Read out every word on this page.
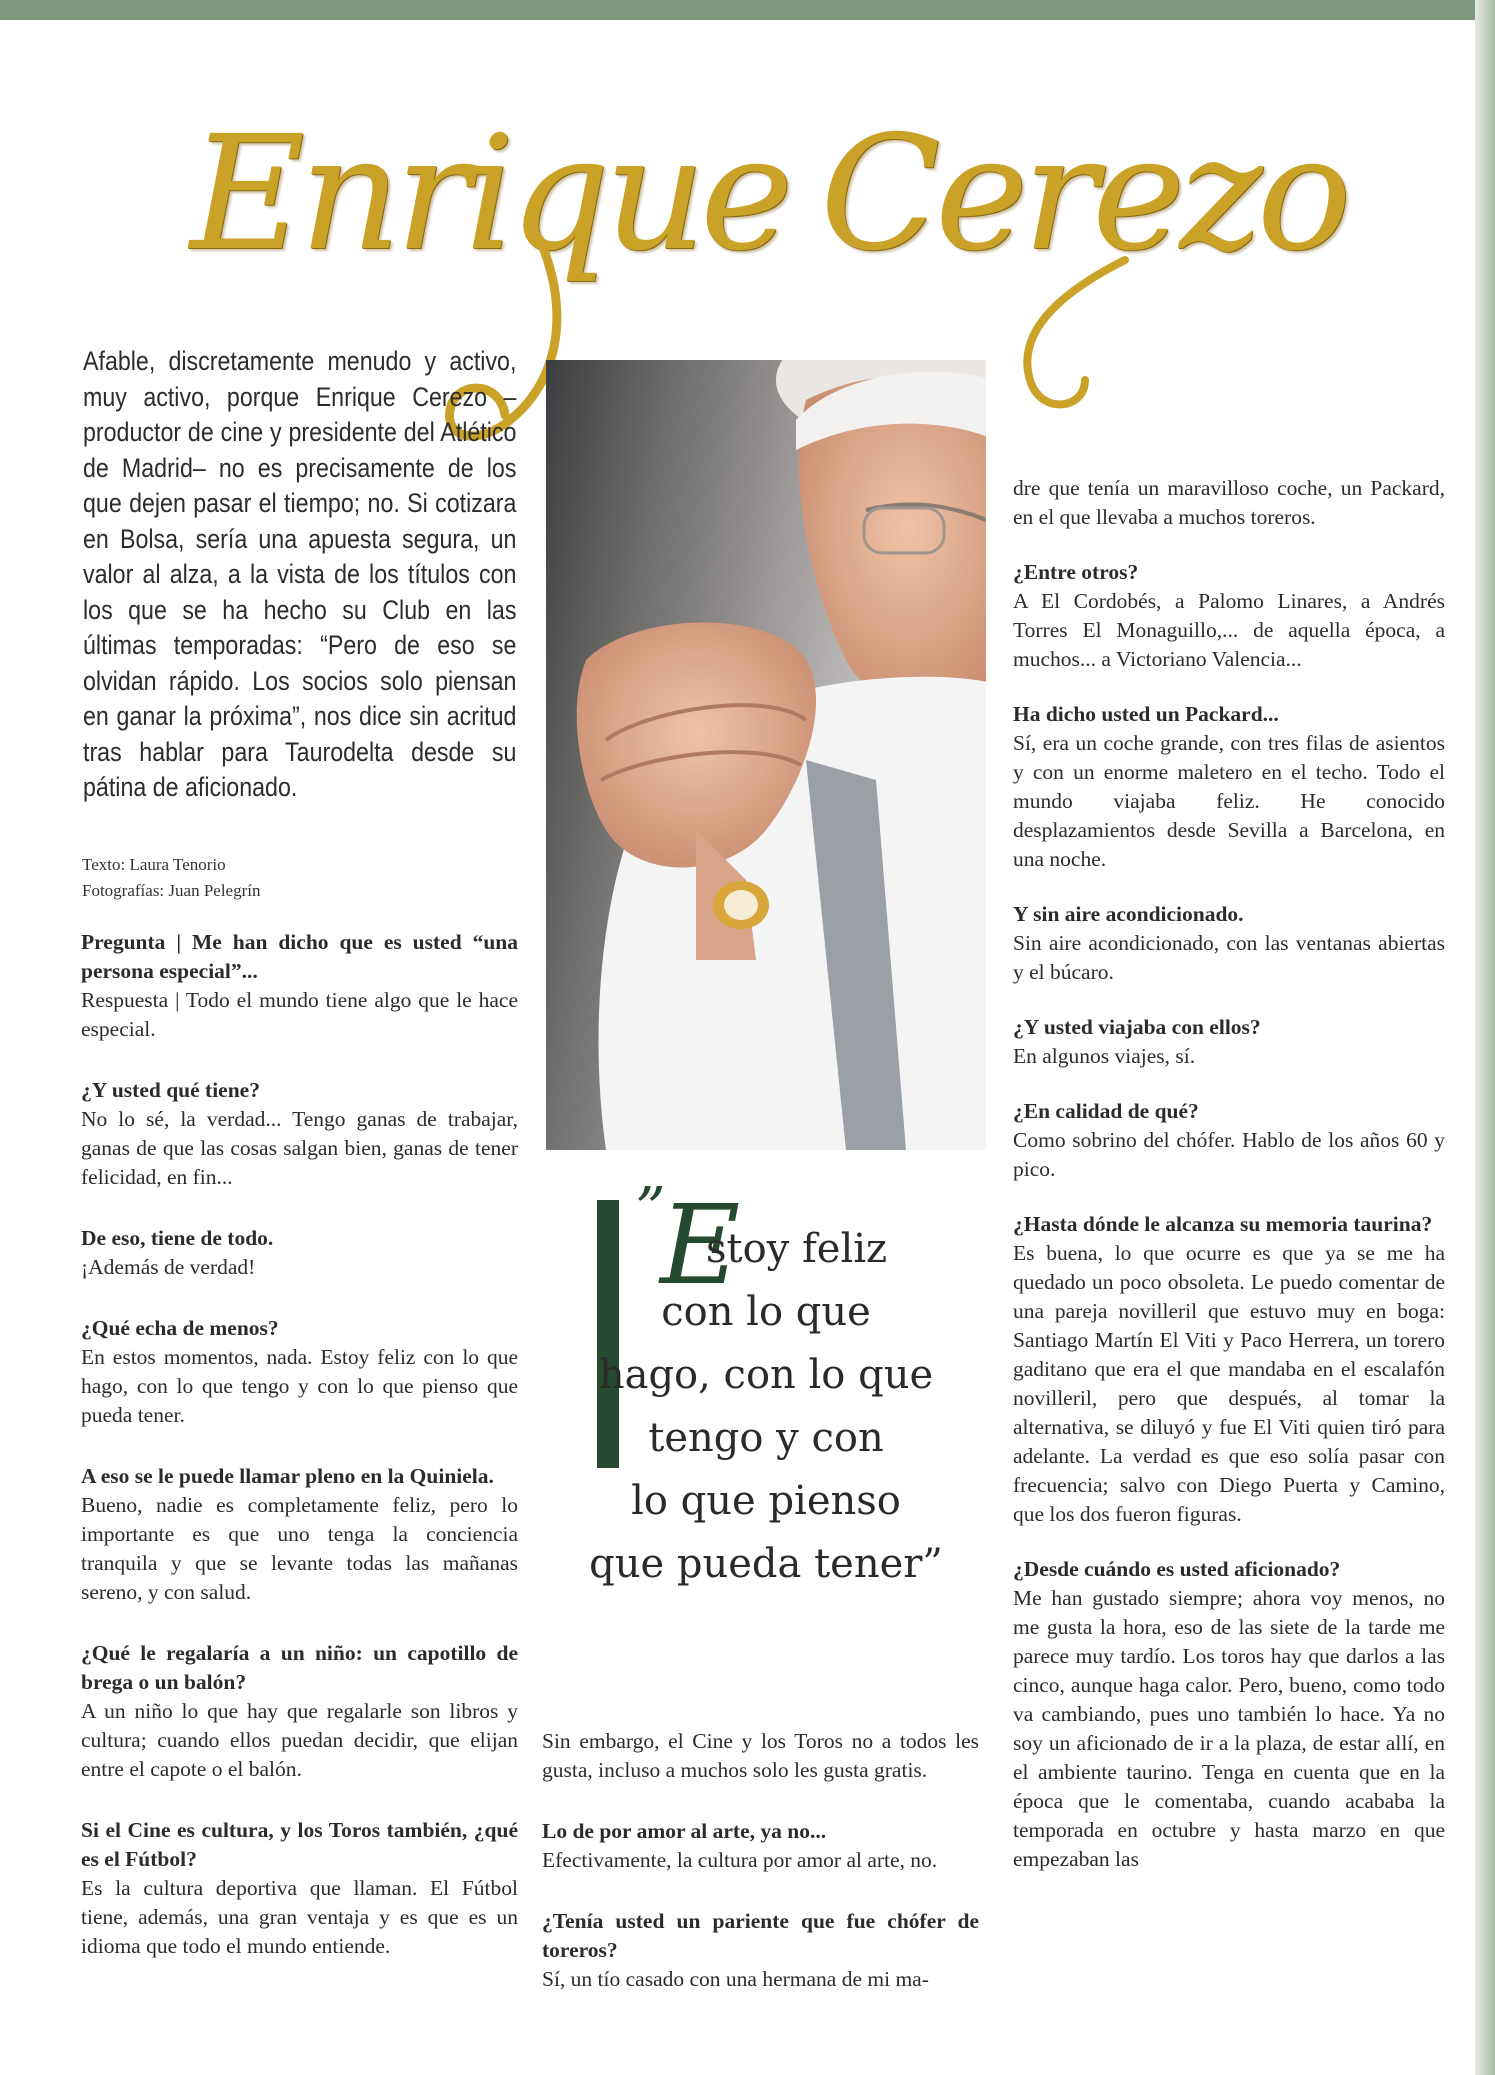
Enrique Cerezo
Afable, discretamente menudo y activo, muy activo, porque Enrique Cerezo –productor de cine y presidente del Atlético de Madrid– no es precisamente de los que dejen pasar el tiempo; no. Si cotizara en Bolsa, sería una apuesta segura, un valor al alza, a la vista de los títulos con los que se ha hecho su Club en las últimas temporadas: “Pero de eso se olvidan rápido. Los socios solo piensan en ganar la próxima”, nos dice sin acritud tras hablar para Taurodelta desde su pátina de aficionado.
Texto: Laura Tenorio
Fotografías: Juan Pelegrín
”
E
stoy feliz
con lo que
hago, con lo que
tengo y con
lo que pienso
que pueda tener”

Pregunta | Me han dicho que es usted “una persona especial”...

Respuesta | Todo el mundo tiene algo que le hace especial.

¿Y usted qué tiene?

No lo sé, la verdad... Tengo ganas de trabajar, ganas de que las cosas salgan bien, ganas de tener felicidad, en fin...

De eso, tiene de todo.

¡Además de verdad!

¿Qué echa de menos?

En estos momentos, nada. Estoy feliz con lo que hago, con lo que tengo y con lo que pienso que pueda tener.

A eso se le puede llamar pleno en la Quiniela.

Bueno, nadie es completamente feliz, pero lo importante es que uno tenga la conciencia tranquila y que se levante todas las mañanas sereno, y con salud.

¿Qué le regalaría a un niño: un capotillo de brega o un balón?

A un niño lo que hay que regalarle son libros y cultura; cuando ellos puedan decidir, que elijan entre el capote o el balón.

Si el Cine es cultura, y los Toros también, ¿qué es el Fútbol?

Es la cultura deportiva que llaman. El Fútbol tiene, además, una gran ventaja y es que es un idioma que todo el mundo entiende.

Sin embargo, el Cine y los Toros no a todos les gusta, incluso a muchos solo les gusta gratis.

Lo de por amor al arte, ya no...

Efectivamente, la cultura por amor al arte, no.

¿Tenía usted un pariente que fue chófer de toreros?

Sí, un tío casado con una hermana de mi ma-

dre que tenía un maravilloso coche, un Packard, en el que llevaba a muchos toreros.

¿Entre otros?

A El Cordobés, a Palomo Linares, a Andrés Torres El Monaguillo,... de aquella época, a muchos... a Victoriano Valencia...

Ha dicho usted un Packard...

Sí, era un coche grande, con tres filas de asientos y con un enorme maletero en el techo. Todo el mundo viajaba feliz. He conocido desplazamientos desde Sevilla a Barcelona, en una noche.

Y sin aire acondicionado.

Sin aire acondicionado, con las ventanas abiertas y el búcaro.

¿Y usted viajaba con ellos?

En algunos viajes, sí.

¿En calidad de qué?

Como sobrino del chófer. Hablo de los años 60 y pico.

¿Hasta dónde le alcanza su memoria taurina?

Es buena, lo que ocurre es que ya se me ha quedado un poco obsoleta. Le puedo comentar de una pareja novilleril que estuvo muy en boga: Santiago Martín El Viti y Paco Herrera, un torero gaditano que era el que mandaba en el escalafón novilleril, pero que después, al tomar la alternativa, se diluyó y fue El Viti quien tiró para adelante. La verdad es que eso solía pasar con frecuencia; salvo con Diego Puerta y Camino, que los dos fueron figuras.

¿Desde cuándo es usted aficionado?

Me han gustado siempre; ahora voy menos, no me gusta la hora, eso de las siete de la tarde me parece muy tardío. Los toros hay que darlos a las cinco, aunque haga calor. Pero, bueno, como todo va cambiando, pues uno también lo hace. Ya no soy un aficionado de ir a la plaza, de estar allí, en el ambiente taurino. Tenga en cuenta que en la época que le comentaba, cuando acababa la temporada en octubre y hasta marzo en que empezaban las
